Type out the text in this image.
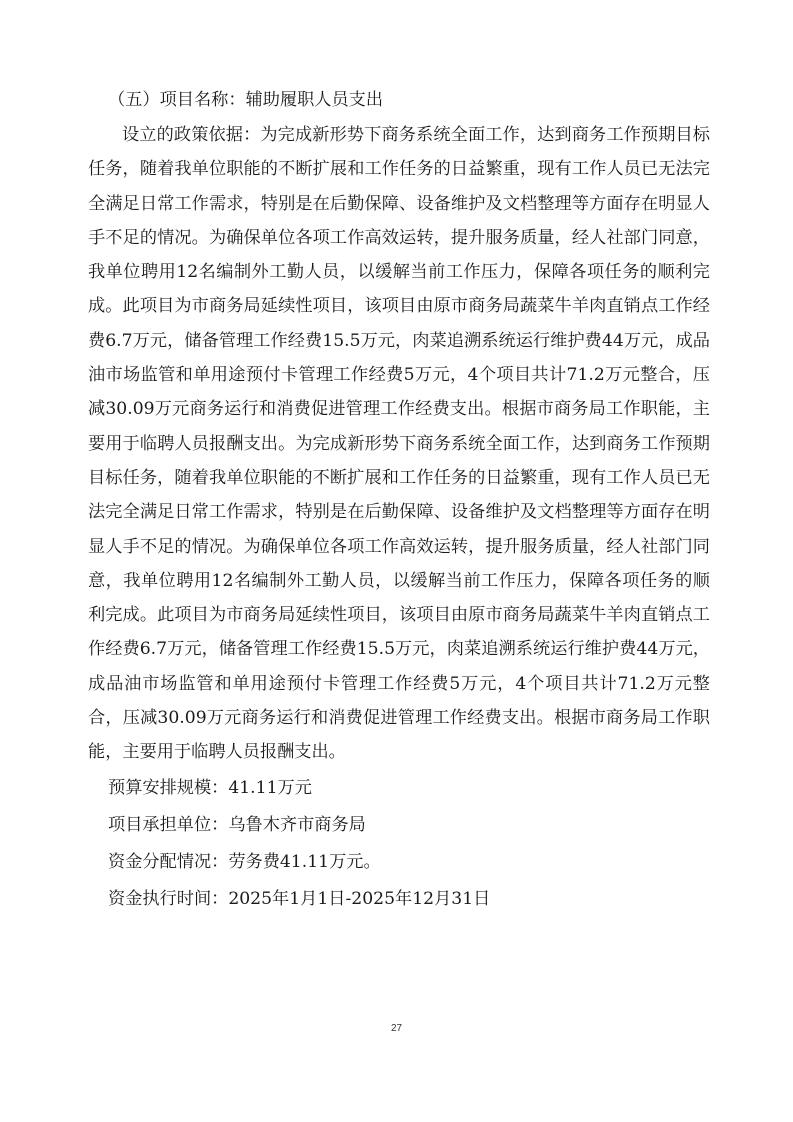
（五）项目名称：辅助履职人员支出

设立的政策依据：为完成新形势下商务系统全面工作，达到商务工作预期目标任务，随着我单位职能的不断扩展和工作任务的日益繁重，现有工作人员已无法完全满足日常工作需求，特别是在后勤保障、设备维护及文档整理等方面存在明显人手不足的情况。为确保单位各项工作高效运转，提升服务质量，经人社部门同意，我单位聘用12名编制外工勤人员，以缓解当前工作压力，保障各项任务的顺利完成。此项目为市商务局延续性项目，该项目由原市商务局蔬菜牛羊肉直销点工作经费6.7万元，储备管理工作经费15.5万元，肉菜追溯系统运行维护费44万元，成品油市场监管和单用途预付卡管理工作经费5万元，4个项目共计71.2万元整合，压减30.09万元商务运行和消费促进管理工作经费支出。根据市商务局工作职能，主要用于临聘人员报酬支出。为完成新形势下商务系统全面工作，达到商务工作预期目标任务，随着我单位职能的不断扩展和工作任务的日益繁重，现有工作人员已无法完全满足日常工作需求，特别是在后勤保障、设备维护及文档整理等方面存在明显人手不足的情况。为确保单位各项工作高效运转，提升服务质量，经人社部门同意，我单位聘用12名编制外工勤人员，以缓解当前工作压力，保障各项任务的顺利完成。此项目为市商务局延续性项目，该项目由原市商务局蔬菜牛羊肉直销点工作经费6.7万元，储备管理工作经费15.5万元，肉菜追溯系统运行维护费44万元，成品油市场监管和单用途预付卡管理工作经费5万元，4个项目共计71.2万元整合，压减30.09万元商务运行和消费促进管理工作经费支出。根据市商务局工作职能，主要用于临聘人员报酬支出。

预算安排规模：41.11万元

项目承担单位：乌鲁木齐市商务局

资金分配情况：劳务费41.11万元。

资金执行时间：2025年1月1日-2025年12月31日

27
